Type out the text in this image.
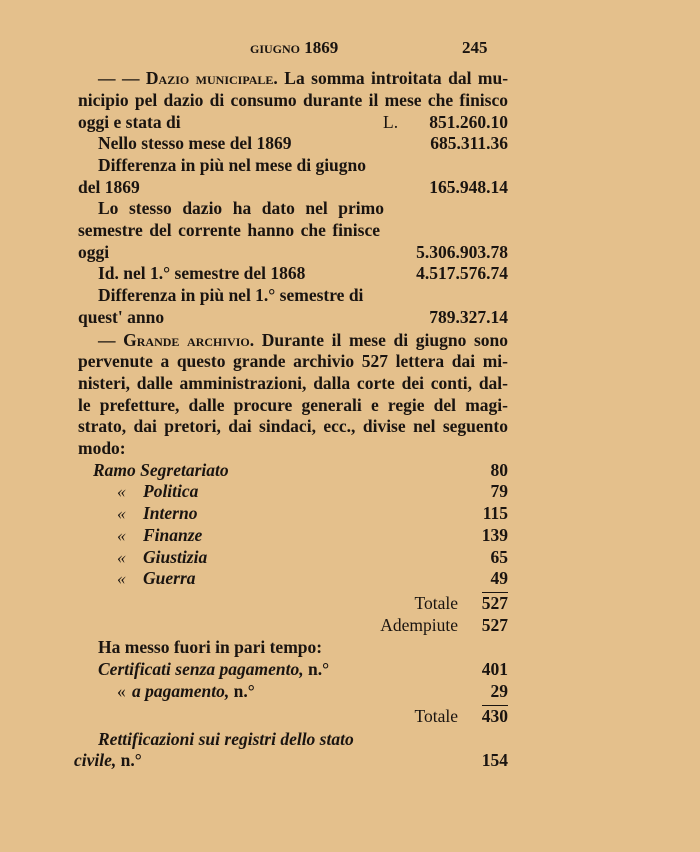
giugno 1869	245
— — Dazio municipale. La somma introitata dal mu-
nicipio pel dazio di consumo durante il mese che finisco
oggi e stata di	L. 851.260.10
Nello stesso mese del 1869	685.311.36
Differenza in più nel mese di giugno
del 1869	165.948.14
Lo stesso dazio ha dato nel primo
semestre del corrente hanno che finisce
oggi	5.306.903.78
Id. nel 1.° semestre del 1868	4.517.576.74
Differenza in più nel 1.° semestre di
quest' anno	789.327.14
— Grande archivio. Durante il mese di giugno sono
pervenute a questo grande archivio 527 lettera dai mi-
nisteri, dalle amministrazioni, dalla corte dei conti, dal-
le prefetture, dalle procure generali e regie del magi-
strato, dai pretori, dai sindaci, ecc., divise nel seguento
modo:
Ramo Segretariato	80
« Politica	79
« Interno	115
« Finanze	139
« Giustizia	65
« Guerra	49
Totale 527
Adempiute 527
Ha messo fuori in pari tempo:
Certificati senza pagamento, n.°	401
« a pagamento, n.°	29
Totale 430
Rettificazioni sui registri dello stato
civile, n.°	154
